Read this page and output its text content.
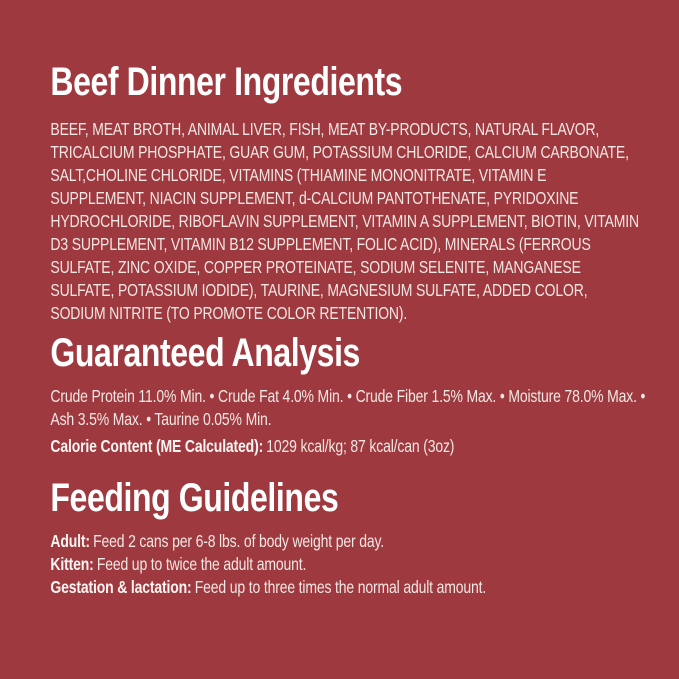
Beef Dinner Ingredients

BEEF, MEAT BROTH, ANIMAL LIVER, FISH, MEAT BY-PRODUCTS, NATURAL FLAVOR, TRICALCIUM PHOSPHATE, GUAR GUM, POTASSIUM CHLORIDE, CALCIUM CARBONATE, SALT,CHOLINE CHLORIDE, VITAMINS (THIAMINE MONONITRATE, VITAMIN E SUPPLEMENT, NIACIN SUPPLEMENT, d-CALCIUM PANTOTHENATE, PYRIDOXINE HYDROCHLORIDE, RIBOFLAVIN SUPPLEMENT, VITAMIN A SUPPLEMENT, BIOTIN, VITAMIN D3 SUPPLEMENT, VITAMIN B12 SUPPLEMENT, FOLIC ACID), MINERALS (FERROUS SULFATE, ZINC OXIDE, COPPER PROTEINATE, SODIUM SELENITE, MANGANESE SULFATE, POTASSIUM IODIDE), TAURINE, MAGNESIUM SULFATE, ADDED COLOR, SODIUM NITRITE (TO PROMOTE COLOR RETENTION).

Guaranteed Analysis

Crude Protein 11.0% Min. • Crude Fat 4.0% Min. • Crude Fiber 1.5% Max. • Moisture 78.0% Max. • Ash 3.5% Max. • Taurine 0.05% Min.

Calorie Content (ME Calculated): 1029 kcal/kg; 87 kcal/can (3oz)

Feeding Guidelines

Adult: Feed 2 cans per 6-8 lbs. of body weight per day.

Kitten: Feed up to twice the adult amount.

Gestation & lactation: Feed up to three times the normal adult amount.
